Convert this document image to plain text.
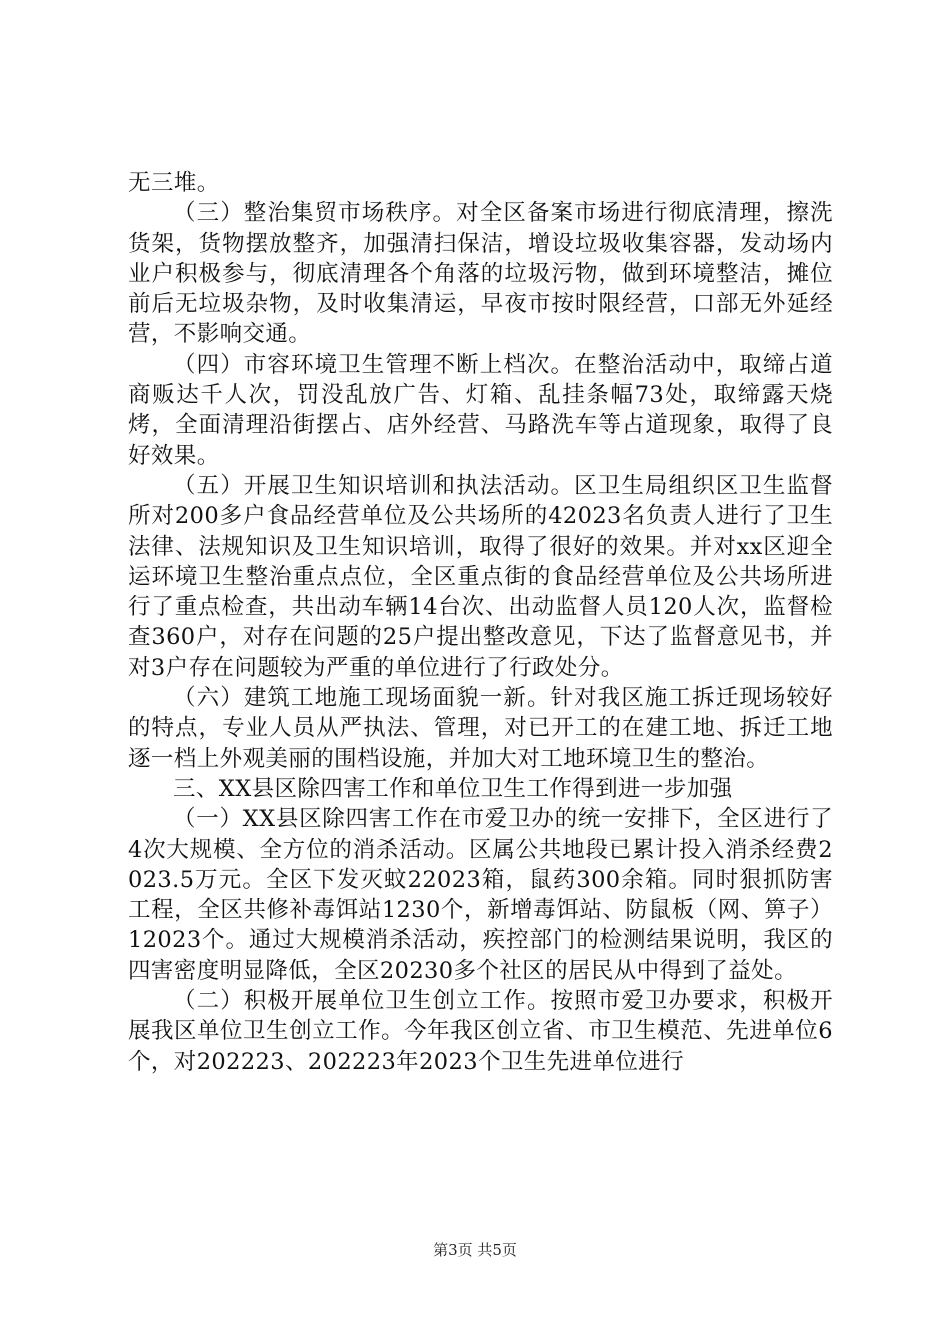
无三堆。

（三）整治集贸市场秩序。对全区备案市场进行彻底清理，擦洗货架，货物摆放整齐，加强清扫保洁，增设垃圾收集容器，发动场内业户积极参与，彻底清理各个角落的垃圾污物，做到环境整洁，摊位前后无垃圾杂物，及时收集清运，早夜市按时限经营，口部无外延经营，不影响交通。

（四）市容环境卫生管理不断上档次。在整治活动中，取缔占道商贩达千人次，罚没乱放广告、灯箱、乱挂条幅73处，取缔露天烧烤，全面清理沿街摆占、店外经营、马路洗车等占道现象，取得了良好效果。

（五）开展卫生知识培训和执法活动。区卫生局组织区卫生监督所对200多户食品经营单位及公共场所的42023名负责人进行了卫生法律、法规知识及卫生知识培训，取得了很好的效果。并对xx区迎全运环境卫生整治重点点位，全区重点街的食品经营单位及公共场所进行了重点检查，共出动车辆14台次、出动监督人员120人次，监督检查360户，对存在问题的25户提出整改意见，下达了监督意见书，并对3户存在问题较为严重的单位进行了行政处分。

（六）建筑工地施工现场面貌一新。针对我区施工拆迁现场较好的特点，专业人员从严执法、管理，对已开工的在建工地、拆迁工地逐一档上外观美丽的围档设施，并加大对工地环境卫生的整治。

三、XX县区除四害工作和单位卫生工作得到进一步加强

（一）XX县区除四害工作在市爱卫办的统一安排下，全区进行了4次大规模、全方位的消杀活动。区属公共地段已累计投入消杀经费2023.5万元。全区下发灭蚊22023箱，鼠药300余箱。同时狠抓防害工程，全区共修补毒饵站1230个，新增毒饵站、防鼠板（网、箅子）12023个。通过大规模消杀活动，疾控部门的检测结果说明，我区的四害密度明显降低，全区20230多个社区的居民从中得到了益处。

（二）积极开展单位卫生创立工作。按照市爱卫办要求，积极开展我区单位卫生创立工作。今年我区创立省、市卫生模范、先进单位6个，对202223、202223年2023个卫生先进单位进行

第3页 共5页
